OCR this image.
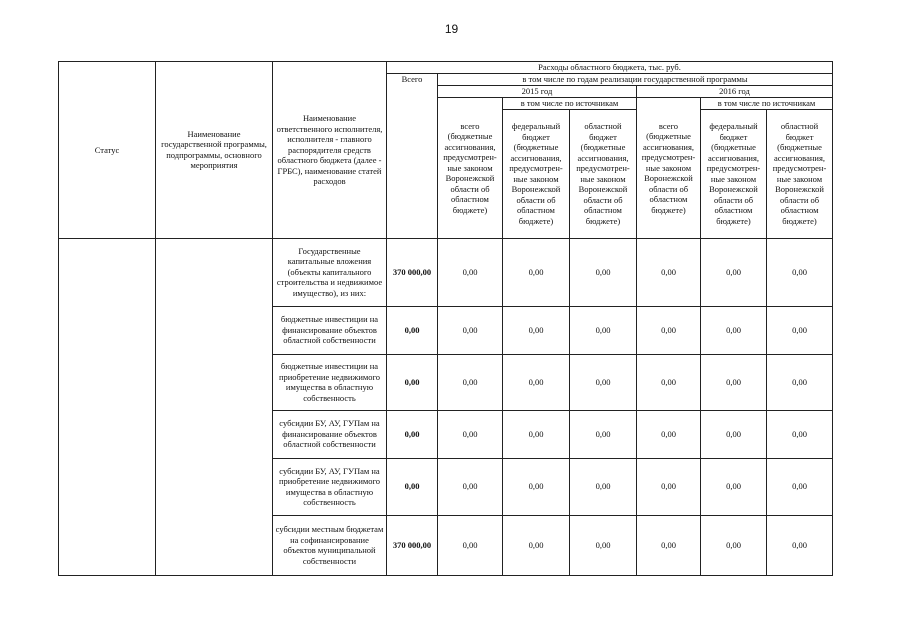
19
Статус	Наименование государственной программы, подпрограммы, основного мероприятия	Наименование ответственного исполнителя, исполнителя - главного распорядителя средств областного бюджета (далее - ГРБС), наименование статей расходов	Расходы областного бюджета, тыс. руб.						
			Всего	в том числе по годам реализации государственной программы					
				2015 год			2016 год		
				всего (бюджетные ассигнования, предусмотрен-ные законом Воронежской области об областном бюджете)	в том числе по источникам		всего (бюджетные ассигнования, предусмотрен-ные законом Воронежской области об областном бюджете)	в том числе по источникам	
					федеральный бюджет (бюджетные ассигнования, предусмотрен-ные законом Воронежской области об областном бюджете)	областной бюджет (бюджетные ассигнования, предусмотрен-ные законом Воронежской области об областном бюджете)		федеральный бюджет (бюджетные ассигнования, предусмотрен-ные законом Воронежской области об областном бюджете)	областной бюджет (бюджетные ассигнования, предусмотрен-ные законом Воронежской области об областном бюджете)
		Государственные капитальные вложения (объекты капитального строительства и недвижимое имущество), из них:	370 000,00	0,00	0,00	0,00	0,00	0,00	0,00
		бюджетные инвестиции на финансирование объектов областной собственности	0,00	0,00	0,00	0,00	0,00	0,00	0,00
		бюджетные инвестиции на приобретение недвижимого имущества в областную собственность	0,00	0,00	0,00	0,00	0,00	0,00	0,00
		субсидии БУ, АУ, ГУПам на финансирование объектов областной собственности	0,00	0,00	0,00	0,00	0,00	0,00	0,00
		субсидии БУ, АУ, ГУПам на приобретение недвижимого имущества в областную собственность	0,00	0,00	0,00	0,00	0,00	0,00	0,00
		субсидии местным бюджетам на софинансирование объектов муниципальной собственности	370 000,00	0,00	0,00	0,00	0,00	0,00	0,00
